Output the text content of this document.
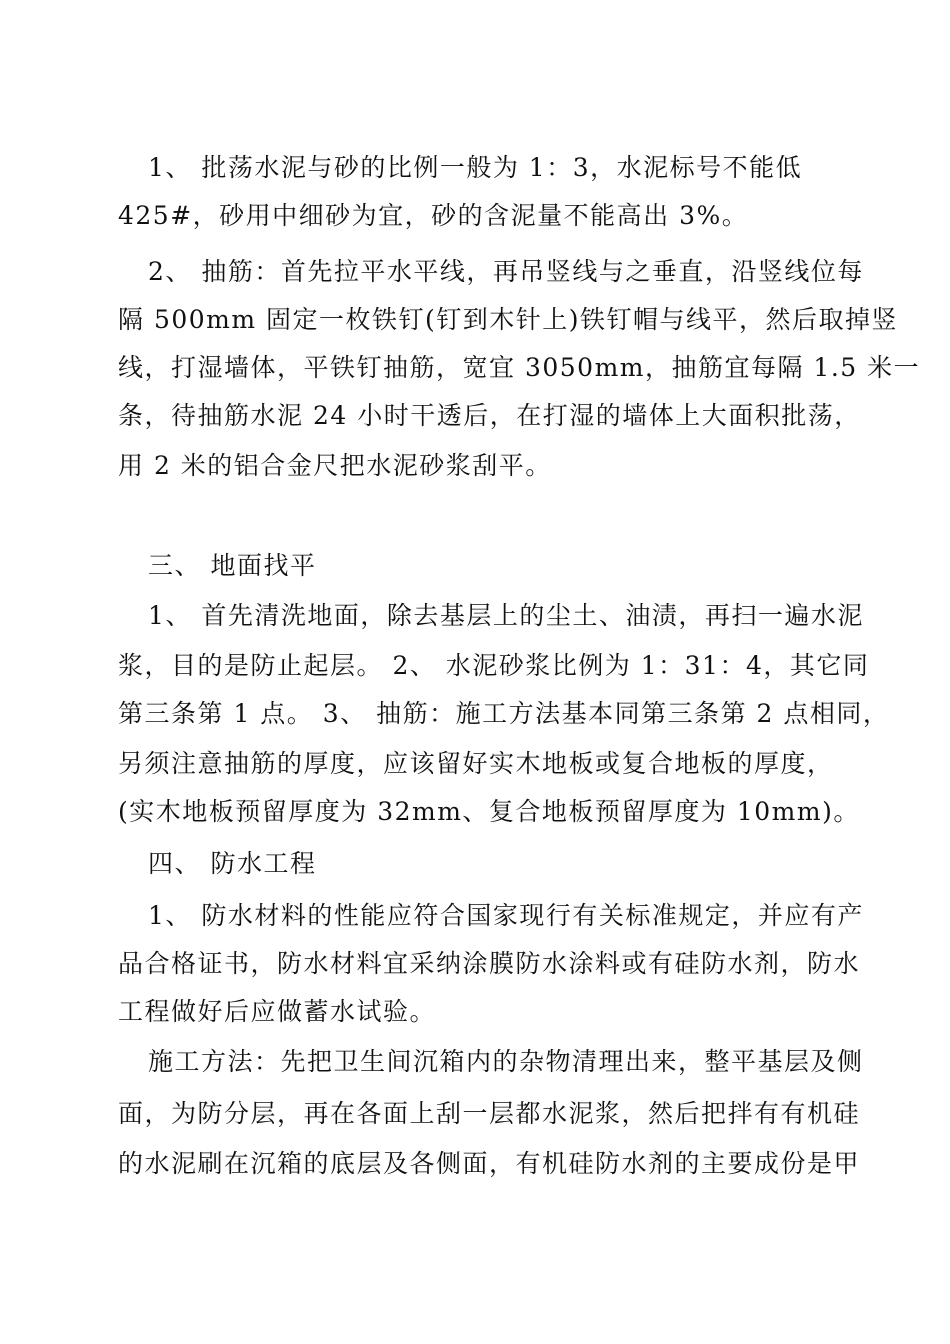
1、 批荡水泥与砂的比例一般为 1：3，水泥标号不能低
425#，砂用中细砂为宜，砂的含泥量不能高出 3%。
2、 抽筋：首先拉平水平线，再吊竖线与之垂直，沿竖线位每
隔 500mm 固定一枚铁钉(钉到木针上)铁钉帽与线平，然后取掉竖
线，打湿墙体，平铁钉抽筋，宽宜 3050mm，抽筋宜每隔 1.5 米一
条，待抽筋水泥 24 小时干透后，在打湿的墙体上大面积批荡，
用 2 米的铝合金尺把水泥砂浆刮平。
三、 地面找平
1、 首先清洗地面，除去基层上的尘土、油渍，再扫一遍水泥
浆，目的是防止起层。 2、 水泥砂浆比例为 1：31：4，其它同
第三条第 1 点。 3、 抽筋：施工方法基本同第三条第 2 点相同，
另须注意抽筋的厚度，应该留好实木地板或复合地板的厚度，
(实木地板预留厚度为 32mm、复合地板预留厚度为 10mm)。
四、 防水工程
1、 防水材料的性能应符合国家现行有关标准规定，并应有产
品合格证书，防水材料宜采纳涂膜防水涂料或有硅防水剂，防水
工程做好后应做蓄水试验。
施工方法：先把卫生间沉箱内的杂物清理出来，整平基层及侧
面，为防分层，再在各面上刮一层都水泥浆，然后把拌有有机硅
的水泥刷在沉箱的底层及各侧面，有机硅防水剂的主要成份是甲
